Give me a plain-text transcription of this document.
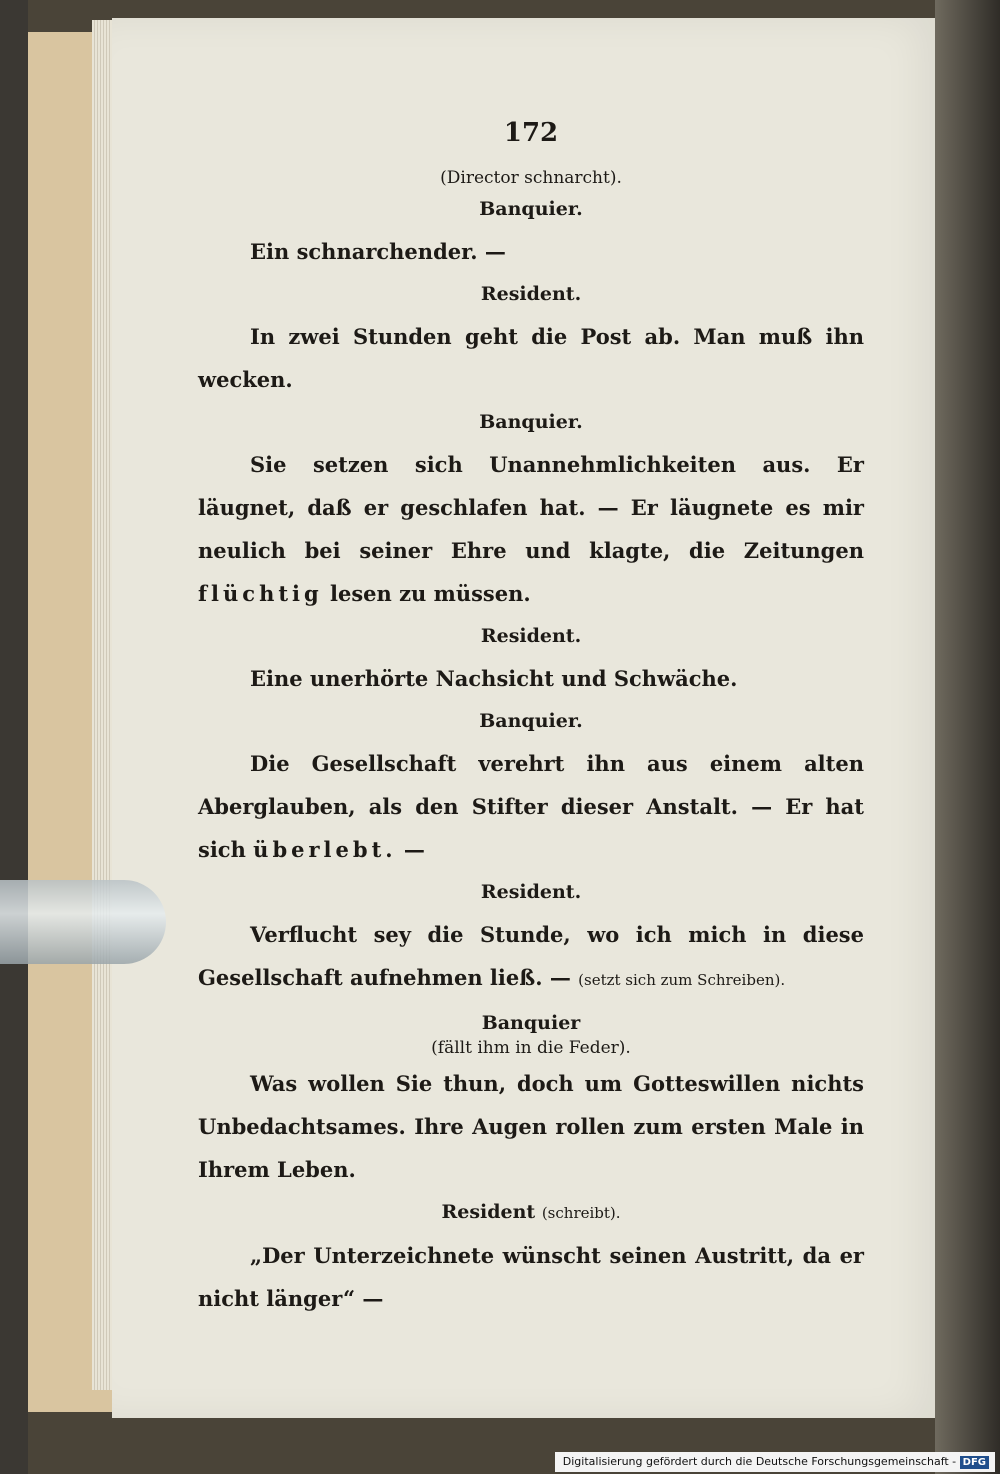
172

(Director schnarcht).

Banquier.

Ein schnarchender. —

Resident.

In zwei Stunden geht die Post ab. Man muß ihn wecken.

Banquier.

Sie setzen sich Unannehmlichkeiten aus. Er läugnet, daß er geschlafen hat. — Er läugnete es mir neulich bei seiner Ehre und klagte, die Zeitungen flüchtig lesen zu müssen.

Resident.

Eine unerhörte Nachsicht und Schwäche.

Banquier.

Die Gesellschaft verehrt ihn aus einem alten Aberglauben, als den Stifter dieser Anstalt. — Er hat sich überlebt. —

Resident.

Verflucht sey die Stunde, wo ich mich in diese Gesellschaft aufnehmen ließ. — (setzt sich zum Schreiben).

Banquier

(fällt ihm in die Feder).

Was wollen Sie thun, doch um Gotteswillen nichts Unbedachtsames. Ihre Augen rollen zum ersten Male in Ihrem Leben.

Resident (schreibt).

„Der Unterzeichnete wünscht seinen Austritt, da er nicht länger“ —

Digitalisierung gefördert durch die Deutsche Forschungsgemeinschaft - DFG
